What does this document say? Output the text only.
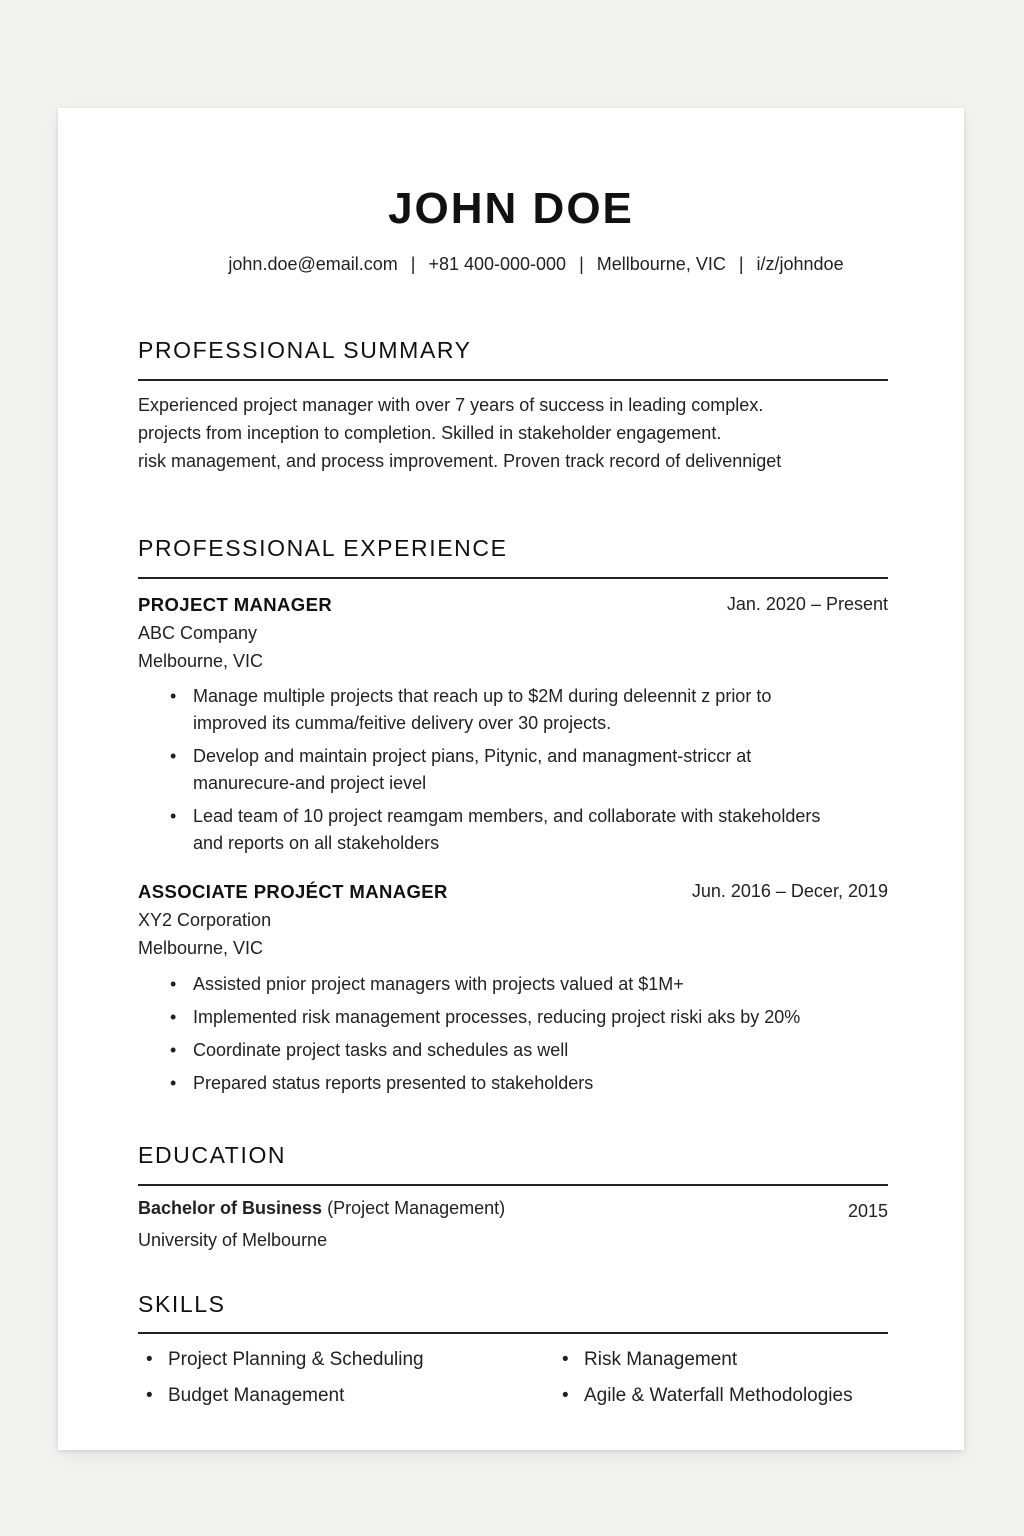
JOHN DOE
john.doe@email.com | +81 400-000-000 | Mellbourne, VIC | i/z/johndoe
PROFESSIONAL SUMMARY
Experienced project manager with over 7 years of success in leading complex.
projects from inception to completion. Skilled in stakeholder engagement.
risk management, and process improvement. Proven track record of delivenniget
PROFESSIONAL EXPERIENCE
PROJECT MANAGER	Jan. 2020 – Present
ABC Company
Melbourne, VIC
• Manage multiple projects that reach up to $2M during deleennit z prior to
improved its cumma/feitive delivery over 30 projects.
• Develop and maintain project pians, Pitynic, and managment-striccr at
manurecure-and project ievel
• Lead team of 10 project reamgam members, and collaborate with stakeholders
and reports on all stakeholders
ASSOCIATE PROJÉCT MANAGER	Jun. 2016 – Decer, 2019
XY2 Corporation
Melbourne, VIC
• Assisted pnior project managers with projects valued at $1M+
• Implemented risk management processes, reducing project riski aks by 20%
• Coordinate project tasks and schedules as well
• Prepared status reports presented to stakeholders
EDUCATION
Bachelor of Business (Project Management)	2015
University of Melbourne
SKILLS
• Project Planning & Scheduling
• Budget Management
• Risk Management
• Agile & Waterfall Methodologies
